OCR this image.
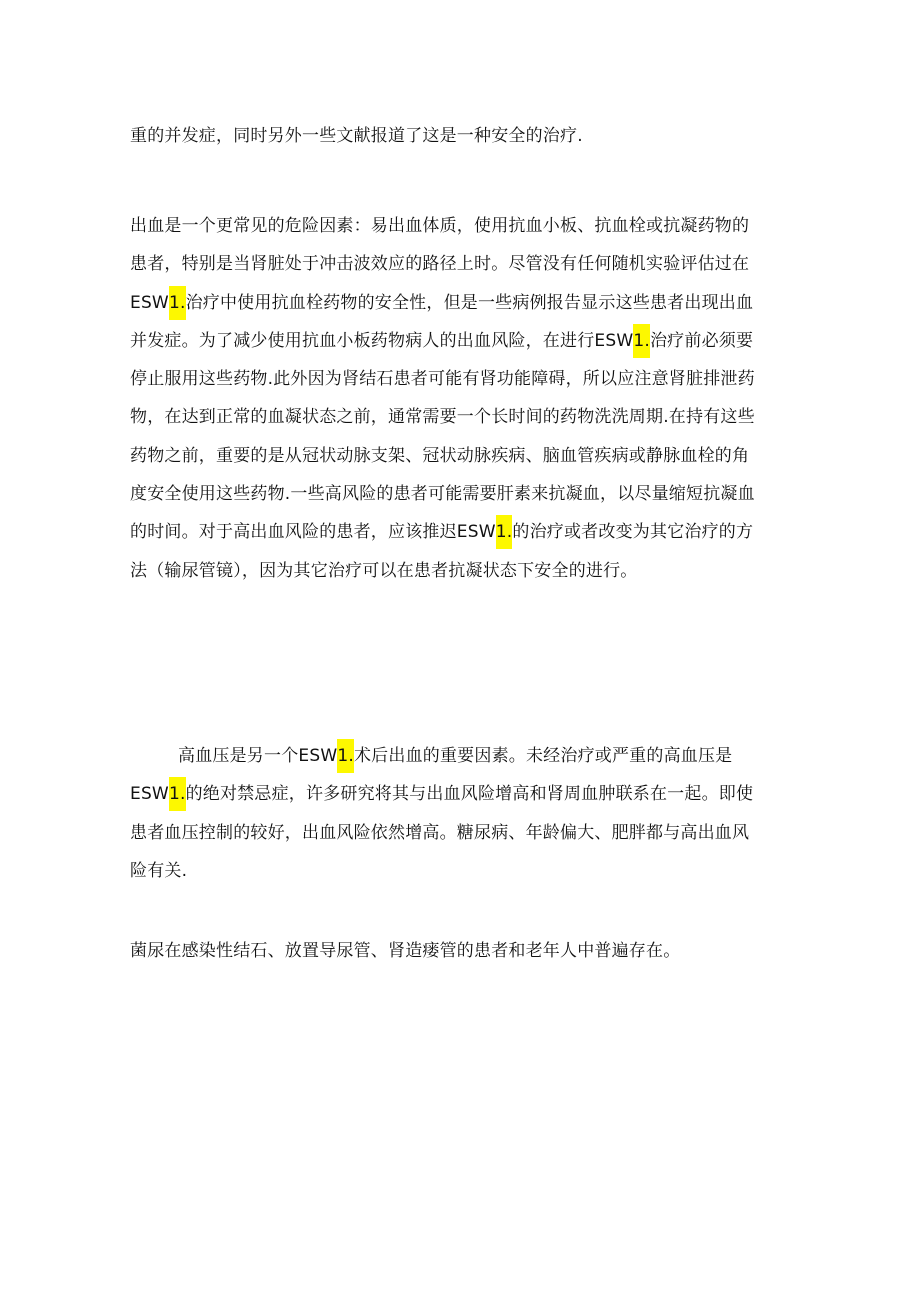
重的并发症，同时另外一些文献报道了这是一种安全的治疗.

出血是一个更常见的危险因素：易出血体质，使用抗血小板、抗血栓或抗凝药物的
患者，特别是当肾脏处于冲击波效应的路径上时。尽管没有任何随机实验评估过在
ESW1.治疗中使用抗血栓药物的安全性，但是一些病例报告显示这些患者出现出血
并发症。为了减少使用抗血小板药物病人的出血风险，在进行ESW1.治疗前必须要
停止服用这些药物.此外因为肾结石患者可能有肾功能障碍，所以应注意肾脏排泄药
物，在达到正常的血凝状态之前，通常需要一个长时间的药物洗洗周期.在持有这些
药物之前，重要的是从冠状动脉支架、冠状动脉疾病、脑血管疾病或静脉血栓的角
度安全使用这些药物.一些高风险的患者可能需要肝素来抗凝血，以尽量缩短抗凝血
的时间。对于高出血风险的患者，应该推迟ESW1.的治疗或者改变为其它治疗的方
法（输尿管镜），因为其它治疗可以在患者抗凝状态下安全的进行。

高血压是另一个ESW1.术后出血的重要因素。未经治疗或严重的高血压是
ESW1.的绝对禁忌症，许多研究将其与出血风险增高和肾周血肿联系在一起。即使
患者血压控制的较好，出血风险依然增高。糖尿病、年龄偏大、肥胖都与高出血风
险有关.

菌尿在感染性结石、放置导尿管、肾造瘘管的患者和老年人中普遍存在。
